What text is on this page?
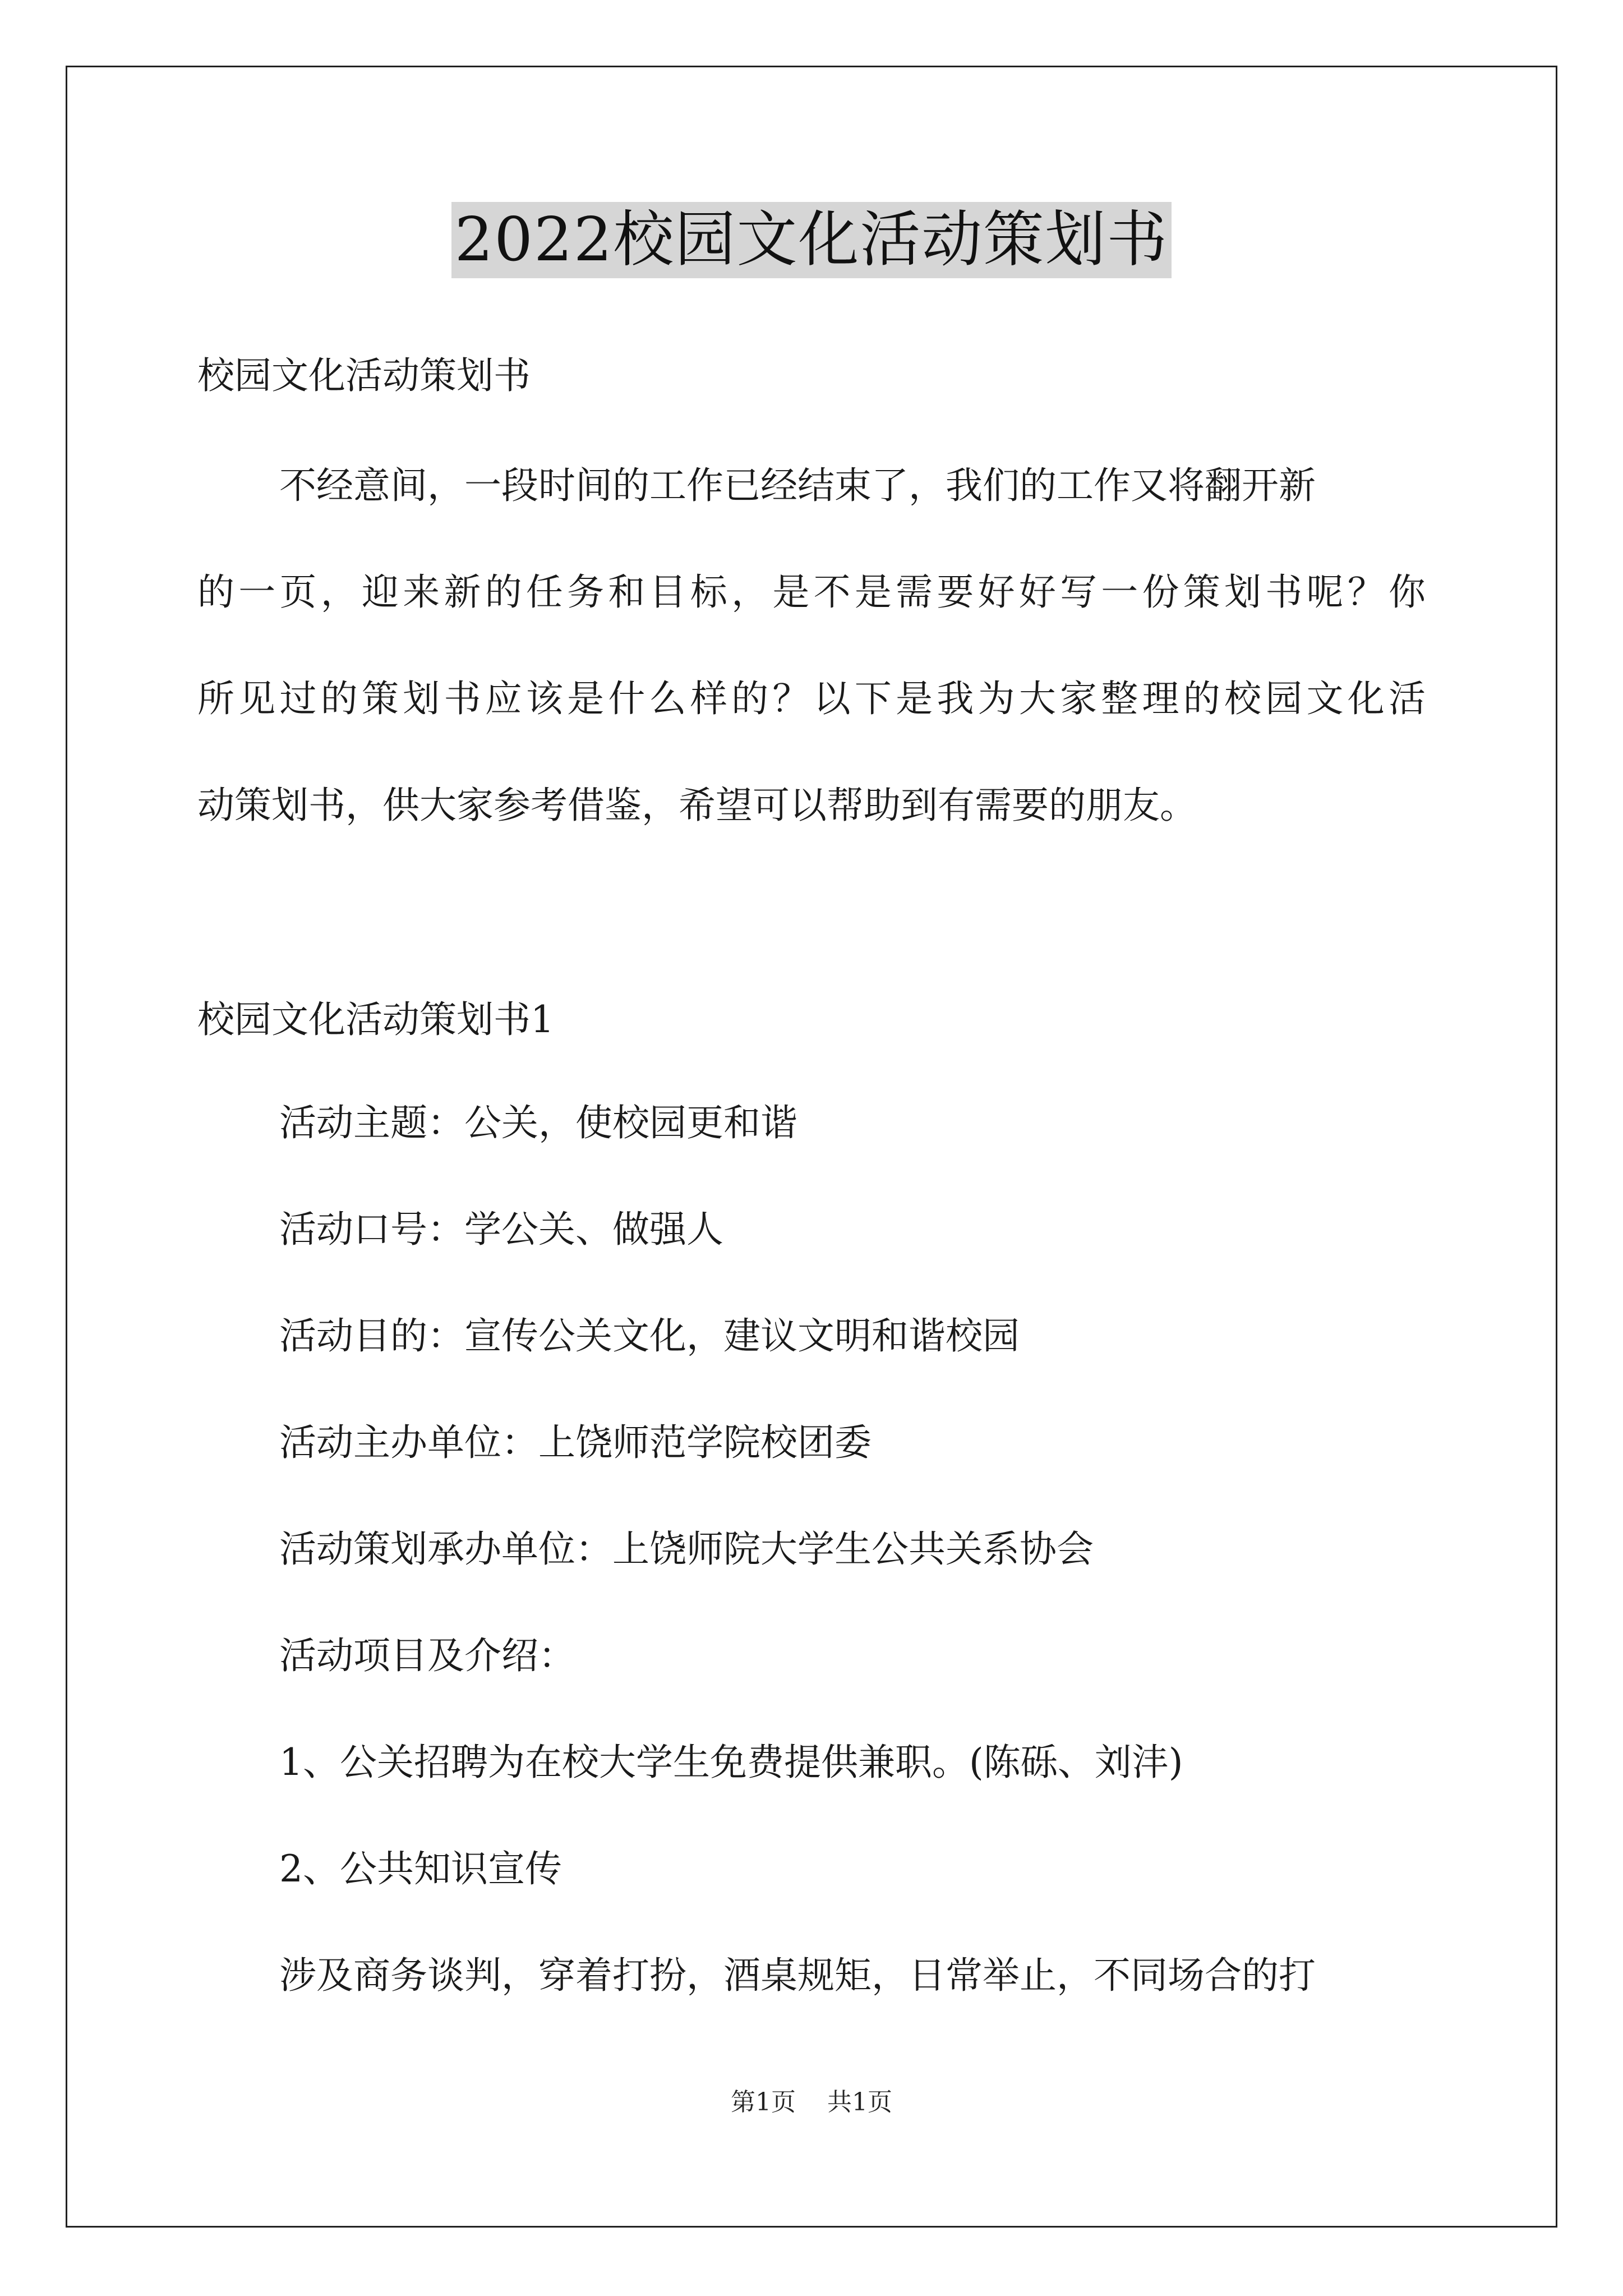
2022校园文化活动策划书
校园文化活动策划书
不经意间，一段时间的工作已经结束了，我们的工作又将翻开新
的一页，迎来新的任务和目标，是不是需要好好写一份策划书呢？你
所见过的策划书应该是什么样的？以下是我为大家整理的校园文化活
动策划书，供大家参考借鉴，希望可以帮助到有需要的朋友。
校园文化活动策划书1
活动主题：公关，使校园更和谐
活动口号：学公关、做强人
活动目的：宣传公关文化，建议文明和谐校园
活动主办单位：上饶师范学院校团委
活动策划承办单位：上饶师院大学生公共关系协会
活动项目及介绍：
1、公关招聘为在校大学生免费提供兼职。(陈砾、刘沣)
2、公共知识宣传
涉及商务谈判，穿着打扮，酒桌规矩，日常举止，不同场合的打
第1页 共1页
